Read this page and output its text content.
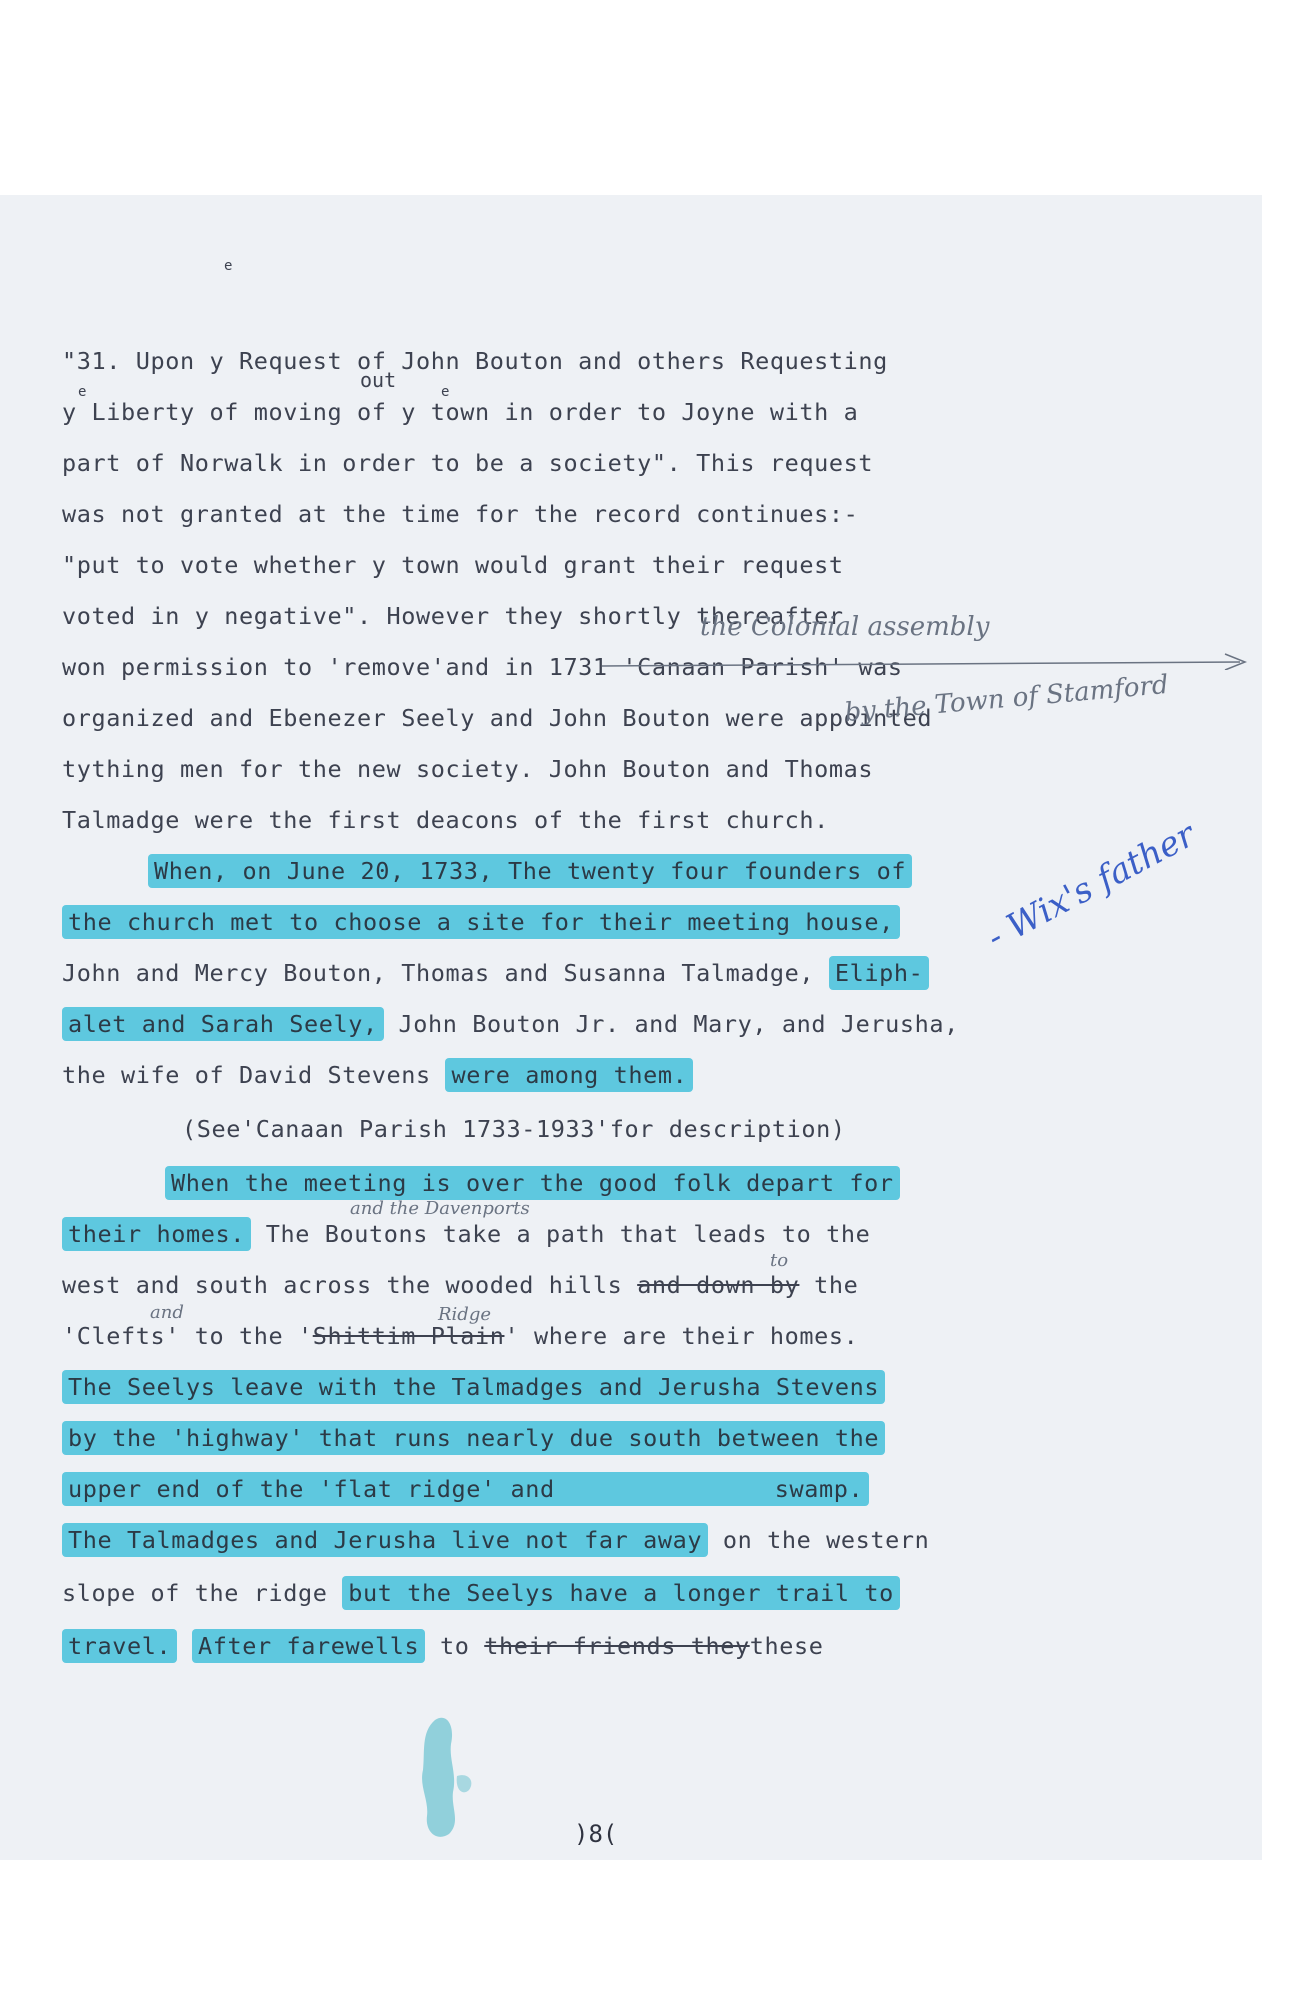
e
out
e	e
"31. Upon y Request of John Bouton and others Requesting
y Liberty of moving of y town in order to Joyne with a
part of Norwalk in order to be a society". This request
was not granted at the time for the record continues:-
"put to vote whether y town would grant their request
voted in y negative". However they shortly thereafter
won permission to 'remove'and in 1731 'Canaan Parish' was
organized and Ebenezer Seely and John Bouton were appointed
tything men for the new society. John Bouton and Thomas
Talmadge were the first deacons of the first church.
When, on June 20, 1733, The twenty four founders of
the church met to choose a site for their meeting house,
John and Mercy Bouton, Thomas and Susanna Talmadge, Eliph-
alet and Sarah Seely, John Bouton Jr. and Mary, and Jerusha,
the wife of David Stevens were among them.
(See'Canaan Parish 1733-1933'for description)
When the meeting is over the good folk depart for
their homes. The Boutons take a path that leads to the
west and south across the wooded hills and down by the
'Clefts' to the 'Shittim Plain' where are their homes.
The Seelys leave with the Talmadges and Jerusha Stevens
by the 'highway' that runs nearly due south between the
upper end of the 'flat ridge' and	swamp.
The Talmadges and Jerusha live not far away on the western
slope of the ridge but the Seelys have a longer trail to
travel. After farewells to their friends theythese
the Colonial assembly
by the Town of Stamford
and the Davenports
to
and	Ridge
- Wix's father
)8(
